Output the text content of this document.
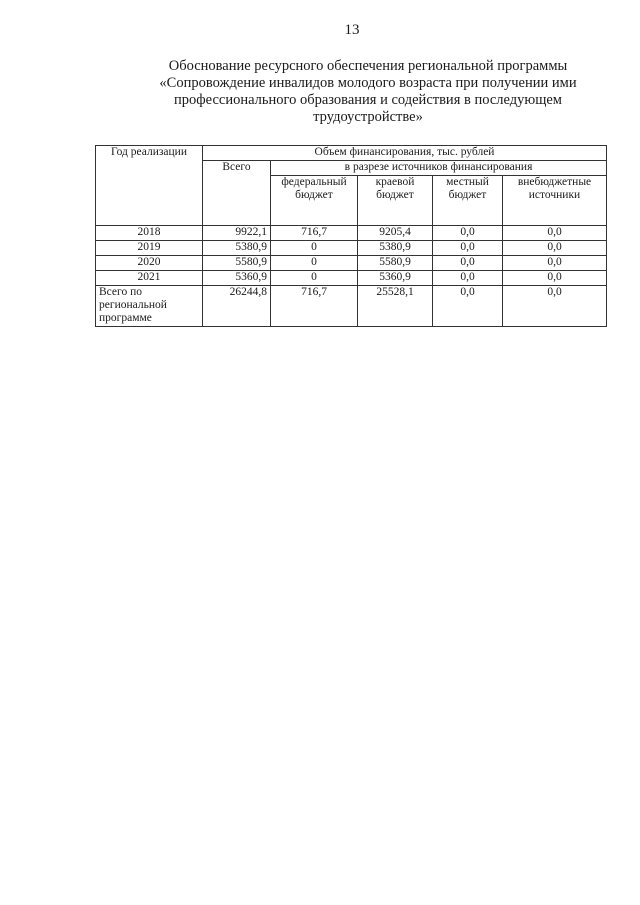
13
Обоснование ресурсного обеспечения региональной программы
«Сопровождение инвалидов молодого возраста при получении ими
профессионального образования и содействия в последующем
трудоустройстве»
Год реализации	Объем финансирования, тыс. рублей				
	Всего	в разрезе источников финансирования			
		федеральный бюджет	краевой бюджет	местный бюджет	внебюджетные источники
2018	9922,1	716,7	9205,4	0,0	0,0
2019	5380,9	0	5380,9	0,0	0,0
2020	5580,9	0	5580,9	0,0	0,0
2021	5360,9	0	5360,9	0,0	0,0
Всего по региональной программе	26244,8	716,7	25528,1	0,0	0,0
